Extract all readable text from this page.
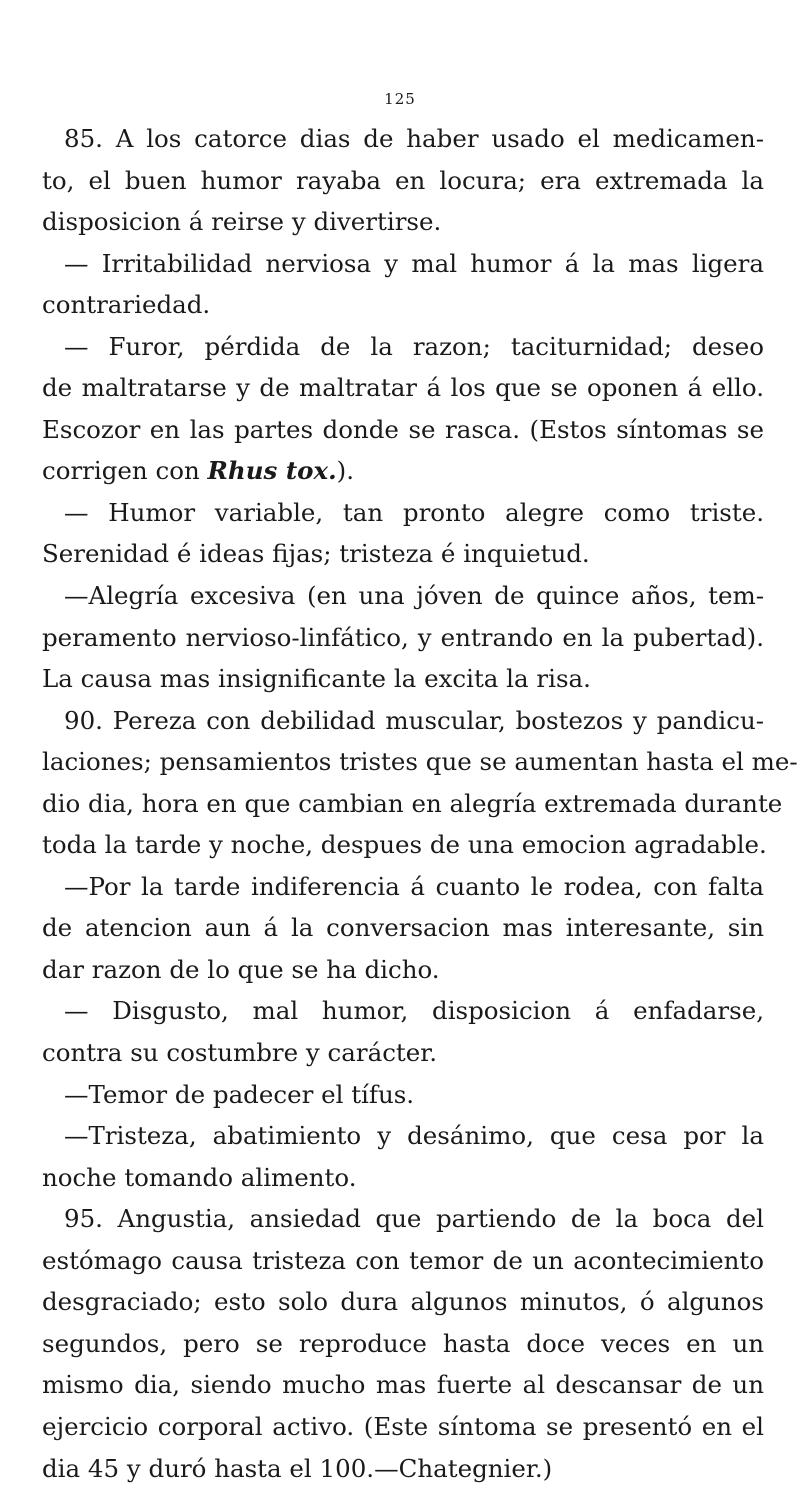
125
85. A los catorce dias de haber usado el medicamen-
to, el buen humor rayaba en locura; era extremada la
disposicion á reirse y divertirse.
— Irritabilidad nerviosa y mal humor á la mas ligera
contrariedad.
— Furor, pérdida de la razon; taciturnidad; deseo
de maltratarse y de maltratar á los que se oponen á ello.
Escozor en las partes donde se rasca. (Estos síntomas se
corrigen con Rhus tox.).
— Humor variable, tan pronto alegre como triste.
Serenidad é ideas fijas; tristeza é inquietud.
—Alegría excesiva (en una jóven de quince años, tem-
peramento nervioso-linfático, y entrando en la pubertad).
La causa mas insignificante la excita la risa.
90. Pereza con debilidad muscular, bostezos y pandicu-
laciones; pensamientos tristes que se aumentan hasta el me-
dio dia, hora en que cambian en alegría extremada durante
toda la tarde y noche, despues de una emocion agradable.
—Por la tarde indiferencia á cuanto le rodea, con falta
de atencion aun á la conversacion mas interesante, sin
dar razon de lo que se ha dicho.
— Disgusto, mal humor, disposicion á enfadarse,
contra su costumbre y carácter.
—Temor de padecer el tífus.
—Tristeza, abatimiento y desánimo, que cesa por la
noche tomando alimento.
95. Angustia, ansiedad que partiendo de la boca del
estómago causa tristeza con temor de un acontecimiento
desgraciado; esto solo dura algunos minutos, ó algunos
segundos, pero se reproduce hasta doce veces en un
mismo dia, siendo mucho mas fuerte al descansar de un
ejercicio corporal activo. (Este síntoma se presentó en el
dia 45 y duró hasta el 100.—Chategnier.)
